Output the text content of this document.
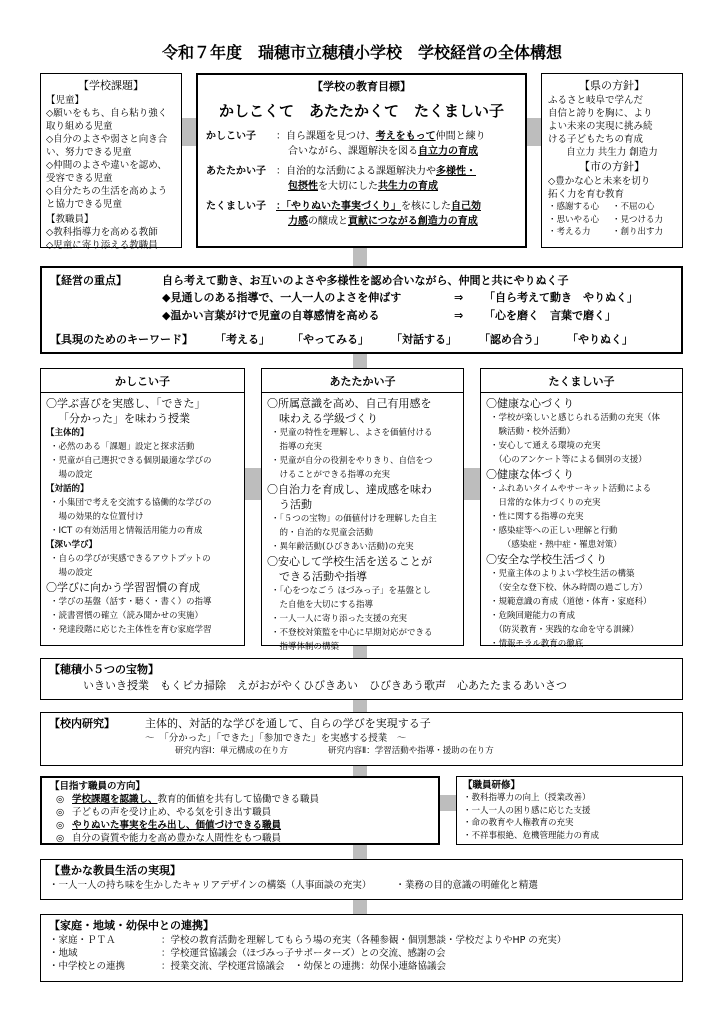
令和７年度　瑞穂市立穂積小学校　学校経営の全体構想
【学校課題】
【児童】
◇願いをもち、自ら粘り強く取り組める児童
◇自分のよさや弱さと向き合い、努力できる児童
◇仲間のよさや違いを認め、受容できる児童
◇自分たちの生活を高めようと協力できる児童
【教職員】
◇教科指導力を高める教師
◇児童に寄り添える教職員
【学校の教育目標】
かしこくて　あたたかくて　たくましい子
かしこい子 ：自ら課題を見つけ、考えをもって仲間と練り
合いながら、課題解決を図る自立力の育成
あたたかい子 ：自治的な活動による課題解決力や多様性・
包摂性を大切にした共生力の育成
たくましい子 ：「やりぬいた事実づくり」を核にした自己効
力感の醸成と貢献につながる創造力の育成
【県の方針】
ふるさと岐阜で学んだ
自信と誇りを胸に、より
よい未来の実現に挑み続
ける子どもたちの育成
自立力 共生力 創造力
【市の方針】
◇豊かな心と未来を切り
拓く力を育む教育
・感謝する心	・不屈の心
・思いやる心	・見つける力
・考える力	・創り出す力
【経営の重点】	自ら考えて動き、お互いのよさや多様性を認め合いながら、仲間と共にやりぬく子
◆見通しのある指導で、一人一人のよさを伸ばす	⇒ 「自ら考えて動き　やりぬく」
◆温かい言葉がけで児童の自尊感情を高める	⇒ 「心を磨く　言葉で磨く」
【具現のためのキーワード】 「考える」 「やってみる」 「対話する」 「認め合う」 「やりぬく」
かしこい子
〇学ぶ喜びを実感し、「できた」
「分かった」を味わう授業
【主体的】
・必然のある「課題」設定と探求活動
・児童が自己選択できる個別最適な学びの
　場の設定
【対話的】
・小集団で考えを交流する協働的な学びの
　場の効果的な位置付け
・ICT の有効活用と情報活用能力の育成
【深い学び】
・自らの学びが実感できるアウトプットの
　場の設定
〇学びに向かう学習習慣の育成
・学びの基盤（話す・聴く・書く）の指導
・読書習慣の確立（読み聞かせの実施）
・発達段階に応じた主体性を育む家庭学習
あたたかい子
〇所属意識を高め、自己有用感を
味わえる学級づくり
・児童の特性を理解し、よさを価値付ける
　指導の充実
・児童が自分の役割をやりきり、自信をつ
　けることができる指導の充実
〇自治力を育成し、達成感を味わ
う活動
・「５つの宝物」の価値付けを理解した自主
　的・自治的な児童会活動
・異年齢活動(ひびきあい活動)の充実
〇安心して学校生活を送ることが
できる活動や指導
・「心をつなごう ほづみっ子」を基盤とし
　た自他を大切にする指導
・一人一人に寄り添った支援の充実
・不登校対策監を中心に早期対応ができる
　指導体制の構築
たくましい子
〇健康な心づくり
・学校が楽しいと感じられる活動の充実（体
　験活動・校外活動）
・安心して通える環境の充実
　（心のアンケート等による個別の支援）
〇健康な体づくり
・ふれあいタイムやサーキット活動による
　日常的な体力づくりの充実
・性に関する指導の充実
・感染症等への正しい理解と行動
　　（感染症・熱中症・罹患対策）
〇安全な学校生活づくり
・児童主体のよりよい学校生活の構築
　（安全な登下校、休み時間の過ごし方）
・規範意識の育成（道徳・体育・家庭科）
・危険回避能力の育成
　（防災教育・実践的な命を守る訓練）
・情報モラル教育の徹底
【穂積小５つの宝物】
いきいき授業　もくピカ掃除　えがおがやくひびきあい　ひびきあう歌声　心あたたまるあいさつ
【校内研究】	主体的、対話的な学びを通して、自らの学びを実現する子
～　「分かった」「できた」「参加できた」を実感する授業　～
研究内容Ⅰ：単元構成の在り方	研究内容Ⅱ：学習活動や指導・援助の在り方
【目指す職員の方向】
◎ 学校課題を認識し、教育的価値を共有して協働できる職員
◎ 子どもの声を受け止め、やる気を引き出す職員
◎ やりぬいた事実を生み出し、価値づけできる職員
◎ 自分の資質や能力を高め豊かな人間性をもつ職員
【職員研修】
・教科指導力の向上（授業改善）
・一人一人の困り感に応じた支援
・命の教育や人権教育の充実
・不祥事根絶、危機管理能力の育成
【豊かな教員生活の実現】
・一人一人の持ち味を生かしたキャリアデザインの構築（人事面談の充実）	・業務の目的意識の明確化と精選
【家庭・地域・幼保中との連携】
・家庭・ＰＴＡ	：学校の教育活動を理解してもらう場の充実（各種参観・個別懇談・学校だよりやHP の充実）
・地域	：学校運営協議会（ほづみっ子サポーターズ）との交流、感謝の会
・中学校との連携	：授業交流、学校運営協議会　・幼保との連携：幼保小連絡協議会
